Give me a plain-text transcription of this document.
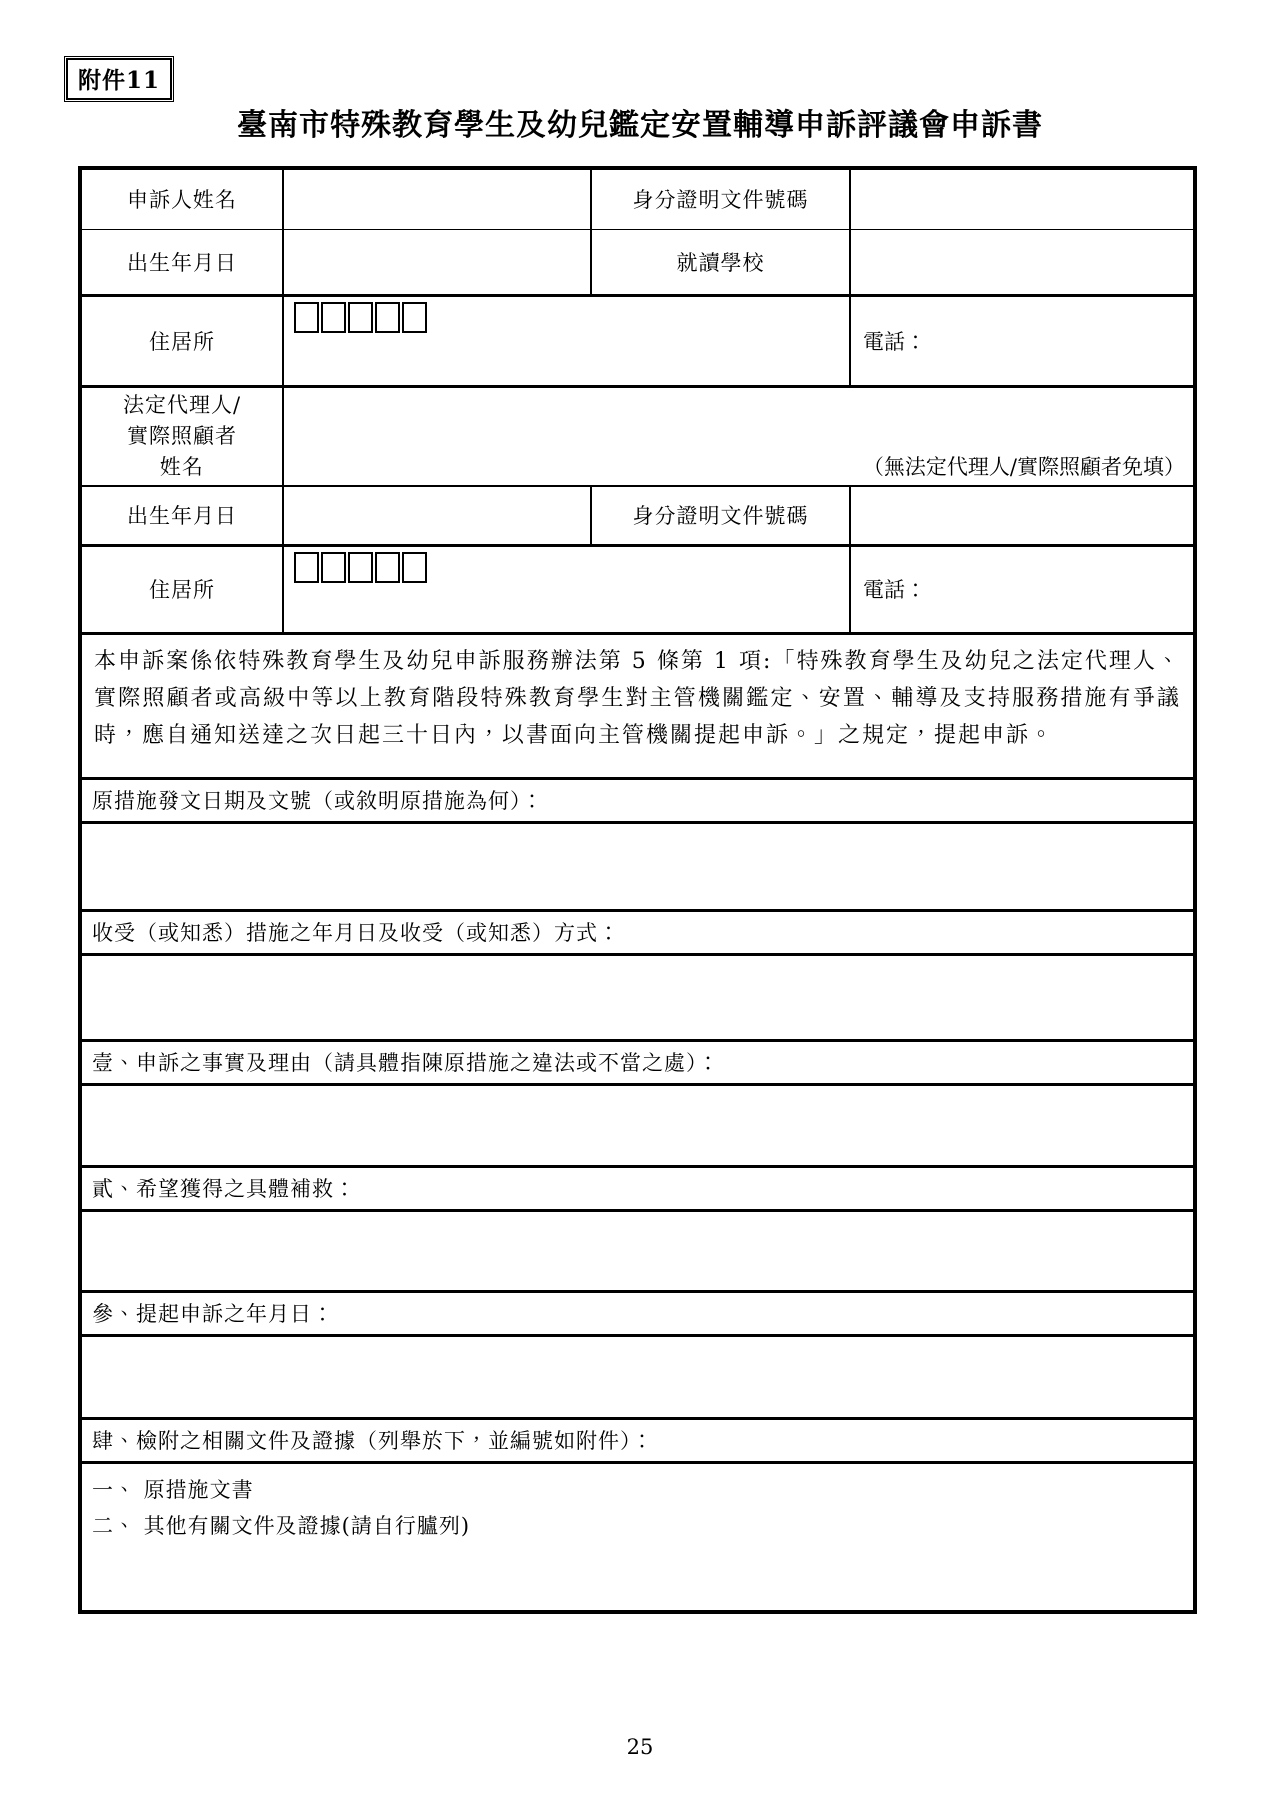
附件11
臺南市特殊教育學生及幼兒鑑定安置輔導申訴評議會申訴書
申訴人姓名		身分證明文件號碼	
出生年月日		就讀學校	
住居所			電話：

法定代理人/
實際照顧者
姓名	（無法定代理人/實際照顧者免填）		
出生年月日		身分證明文件號碼	
住居所			電話：

本申訴案係依特殊教育學生及幼兒申訴服務辦法第 5 條第 1 項:「特殊教育學生及幼兒之法定代理人、實際照顧者或高級中等以上教育階段特殊教育學生對主管機關鑑定、安置、輔導及支持服務措施有爭議時，應自通知送達之次日起三十日內，以書面向主管機關提起申訴。」之規定，提起申訴。			

原措施發文日期及文號（或敘明原措施為何）：			

收受（或知悉）措施之年月日及收受（或知悉）方式：			

壹、申訴之事實及理由（請具體指陳原措施之違法或不當之處）：			

貳、希望獲得之具體補救：			

參、提起申訴之年月日：			

肆、檢附之相關文件及證據（列舉於下，並編號如附件）：			

一、 原措施文書
二、 其他有關文件及證據(請自行臚列)			
25
